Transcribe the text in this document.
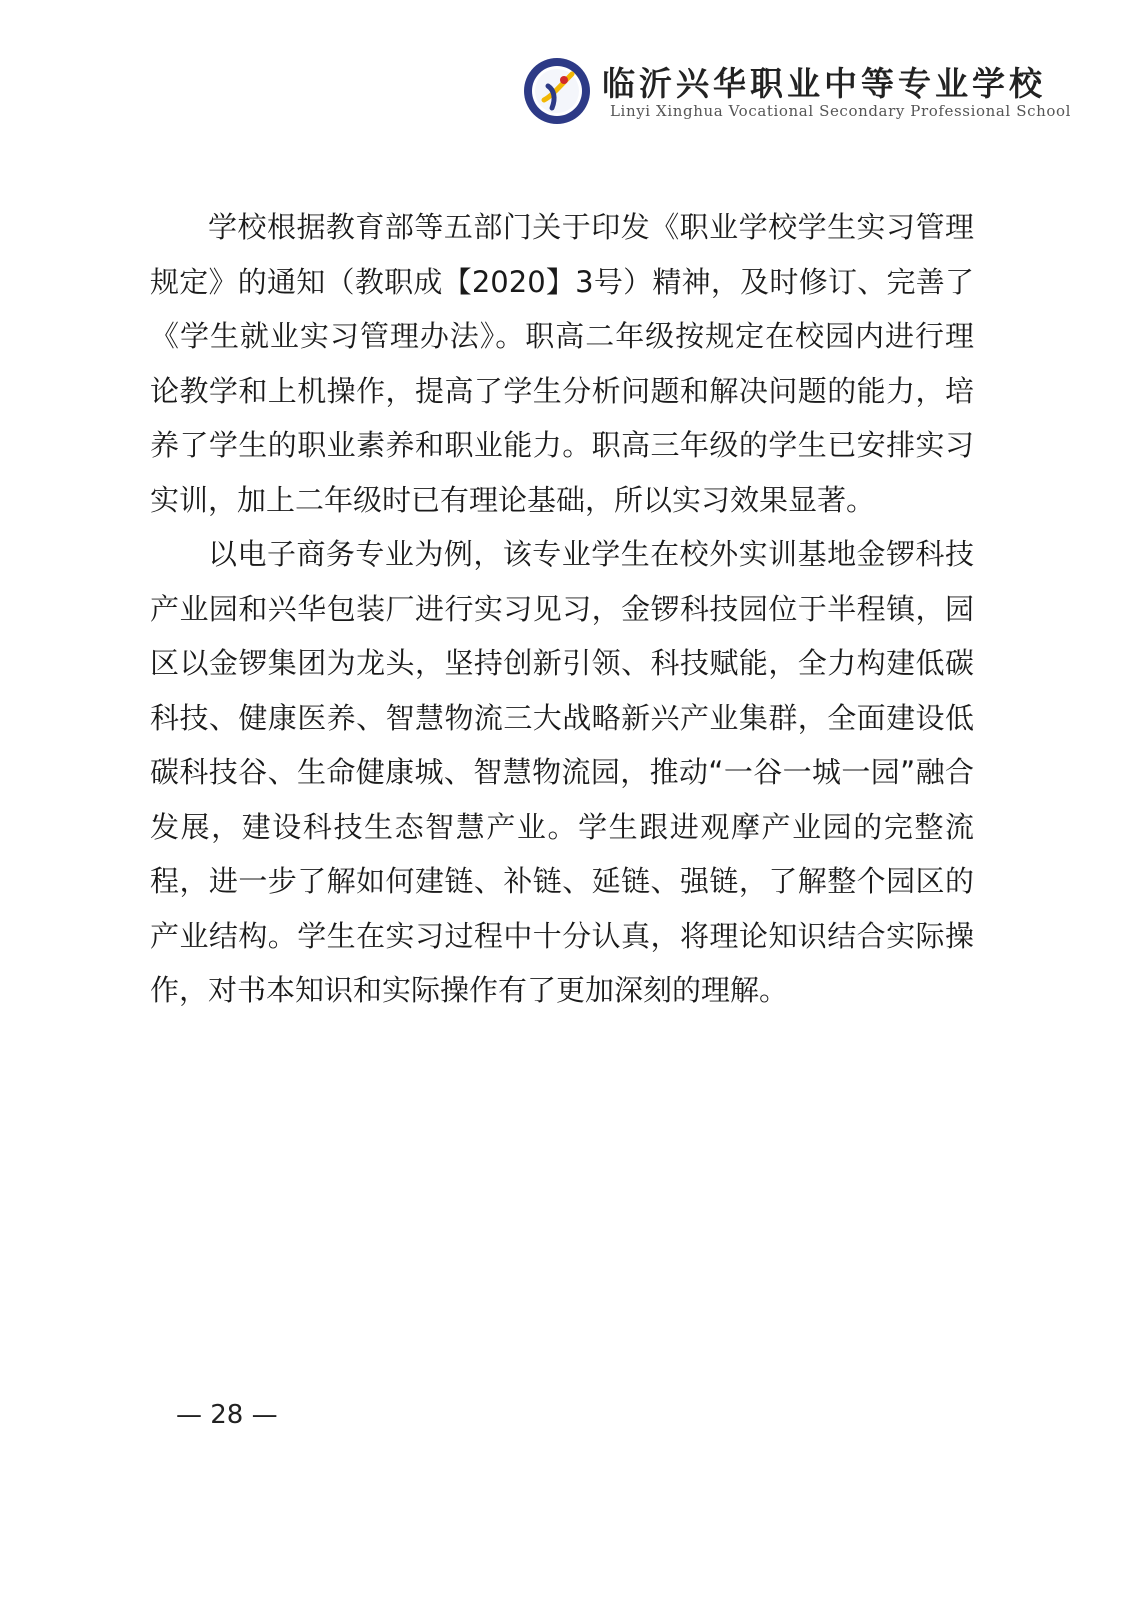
临沂兴华职业中等专业学校
Linyi Xinghua Vocational Secondary Professional School

学校根据教育部等五部门关于印发《职业学校学生实习管理规定》的通知（教职成【2020】3号）精神，及时修订、完善了《学生就业实习管理办法》。职高二年级按规定在校园内进行理论教学和上机操作，提高了学生分析问题和解决问题的能力，培养了学生的职业素养和职业能力。职高三年级的学生已安排实习实训，加上二年级时已有理论基础，所以实习效果显著。

以电子商务专业为例，该专业学生在校外实训基地金锣科技产业园和兴华包装厂进行实习见习，金锣科技园位于半程镇，园区以金锣集团为龙头，坚持创新引领、科技赋能，全力构建低碳科技、健康医养、智慧物流三大战略新兴产业集群，全面建设低碳科技谷、生命健康城、智慧物流园，推动“一谷一城一园”融合发展，建设科技生态智慧产业。学生跟进观摩产业园的完整流程，进一步了解如何建链、补链、延链、强链，了解整个园区的产业结构。学生在实习过程中十分认真，将理论知识结合实际操作，对书本知识和实际操作有了更加深刻的理解。

— 28 —
